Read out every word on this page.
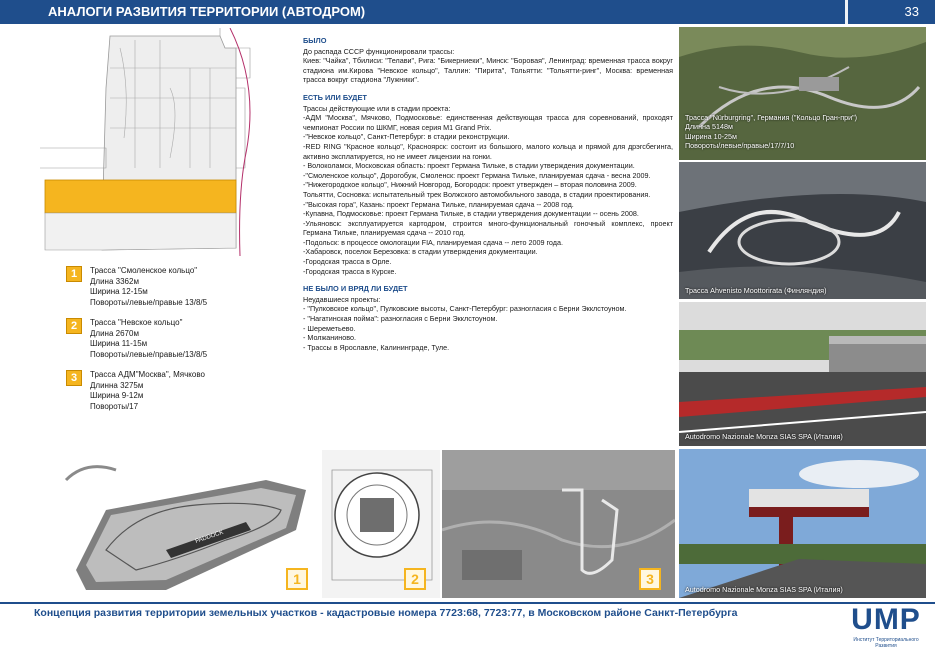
АНАЛОГИ РАЗВИТИЯ ТЕРРИТОРИИ (АВТОДРОМ)	33
1	Трасса "Смоленское кольцо"
Длина 3362м
Ширина 12-15м
Повороты/левые/правые 13/8/5
2	Трасса "Невское кольцо"
Длина 2670м
Ширина 11-15м
Повороты/левые/правые/13/8/5
3	Трасса АДМ"Москва", Мячково
Длинна 3275м
Ширина 9-12м
Повороты/17
БЫЛО

До распада СССР функционировали трассы:

Киев: "Чайка", Тбилиси: "Телави", Рига: "Бикерниеки", Минск: "Боровая", Ленинград: временная трасса вокруг стадиона им.Кирова "Невское кольцо", Таллин: "Пирита", Тольятти: "Тольятти-ринг", Москва: временная трасса вокруг стадиона "Лужники".

ЕСТЬ ИЛИ БУДЕТ

Трассы действующие или в стадии проекта:

-АДМ "Москва", Мячково, Подмосковье: единственная действующая трасса для соревнований, проходят чемпионат России по ШКМГ, новая серия M1 Grand Prix.

-"Невское кольцо", Санкт-Петербург: в стадии реконструкции.

-RED RING "Красное кольцо", Красноярск: состоит из большого, малого кольца и прямой для дрэгсбегинга, активно эксплатируется, но не имеет лицензии на гонки.

- Волоколамск, Московская область: проект Германа Тильке, в стадии утверждения документации.

-"Смоленское кольцо", Дорогобуж, Смоленск: проект Германа Тильке, планируемая сдача - весна 2009.

-"Нижегородское кольцо", Нижний Новгород, Богородск: проект утвержден – вторая половина 2009.

Тольятти, Сосновка: испытательный трек Волжского автомобильного завода, в стадии проектирования.

-"Высокая гора", Казань: проект Германа Тильке, планируемая сдача -- 2008 год.

-Купавна, Подмосковье: проект Германа Тильке, в стадии утверждения документации -- осень 2008.

-Ульяновск: эксплуатируется картодром, строится много-функциональный гоночный комплекс, проект Германа Тильке, планируемая сдача -- 2010 год.

-Подольск: в процессе омологации FIA, планируемая сдача -- лето 2009 года.

-Хабаровск, поселок Березовка: в стадии утверждения документации.

-Городская трасса в Орле.

-Городская трасса в Курске.

НЕ БЫЛО И ВРЯД ЛИ БУДЕТ

Неудавшиеся проекты:

- "Пулковское кольцо", Пулковские высоты, Санкт-Петербург: разногласия с Берни Экклстоуном.

- "Нагатинская пойма": разногласия с Берни Экклстоуном.

- Шереметьево.

- Молжаниново.

- Трассы в Ярославле, Калининграде, Туле.

Трасса "Nürburgring", Германия ("Кольцо Гран-при")
Длинна 5148м
Ширина 10-25м
Повороты/левые/правые/17/7/10
Трасса Ahvenisto Moottorirata (Финляндия)
Autodromo Nazionale Monza SIAS SPA (Италия)
Autodromo Nazionale Monza SIAS SPA (Италия)
PADDOCK
1	2	3
Концепция развития территории земельных участков - кадастровые номера 7723:68, 7723:77, в Московском районе Санкт-Петербурга	UMP
Институт Территориального Развития
